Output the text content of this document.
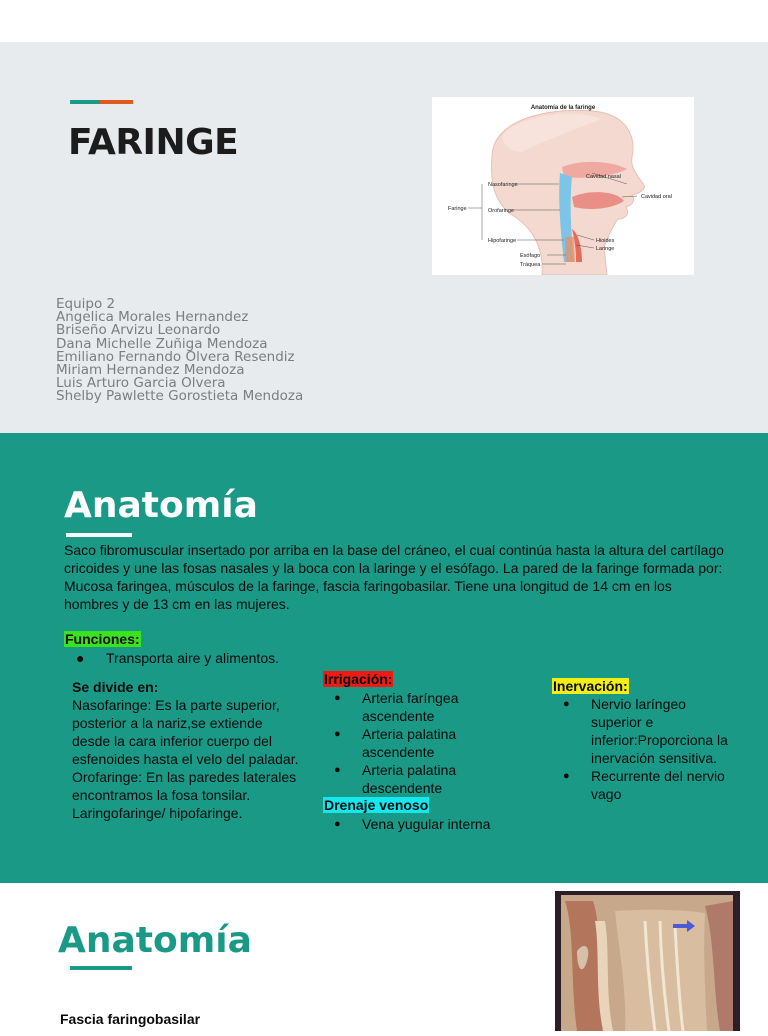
FARINGE
Anatomía de la faringe
Nasofaringe
Faringe	Orofaringe
Hipofaringe
Esófago
Tráquea
Cavidad nasal
Cavidad oral
Hioides
Laringe
Equipo 2
Angelica Morales Hernandez
Briseño Arvizu Leonardo
Dana Michelle Zuñiga Mendoza
Emiliano Fernando Olvera Resendiz
Miriam Hernandez Mendoza
Luis Arturo Garcia Olvera
Shelby Pawlette Gorostieta Mendoza
Anatomía

Saco fibromuscular insertado por arriba en la base del cráneo, el cual continúa hasta la altura del cartílago cricoides y une las fosas nasales y la boca con la laringe y el esófago. La pared de la faringe formada por: Mucosa faringea, músculos de la faringe, fascia faringobasilar. Tiene una longitud de 14 cm en los hombres y de 13 cm en las mujeres.

Funciones:
● Transporta aire y alimentos.

Se divide en:

Nasofaringe: Es la parte superior, posterior a la nariz,se extiende desde la cara inferior cuerpo del esfenoides hasta el velo del paladar.

Orofaringe: En las paredes laterales encontramos la fosa tonsilar.

Laringofaringe/ hipofaringe.

Irrigación:
● Arteria faríngea ascendente
● Arteria palatina ascendente
● Arteria palatina descendente
Drenaje venoso
● Vena yugular interna
Inervación:
● Nervio laríngeo superior e inferior:Proporciona la inervación sensitiva.
● Recurrente del nervio vago
Anatomía

Fascia faringobasilar
